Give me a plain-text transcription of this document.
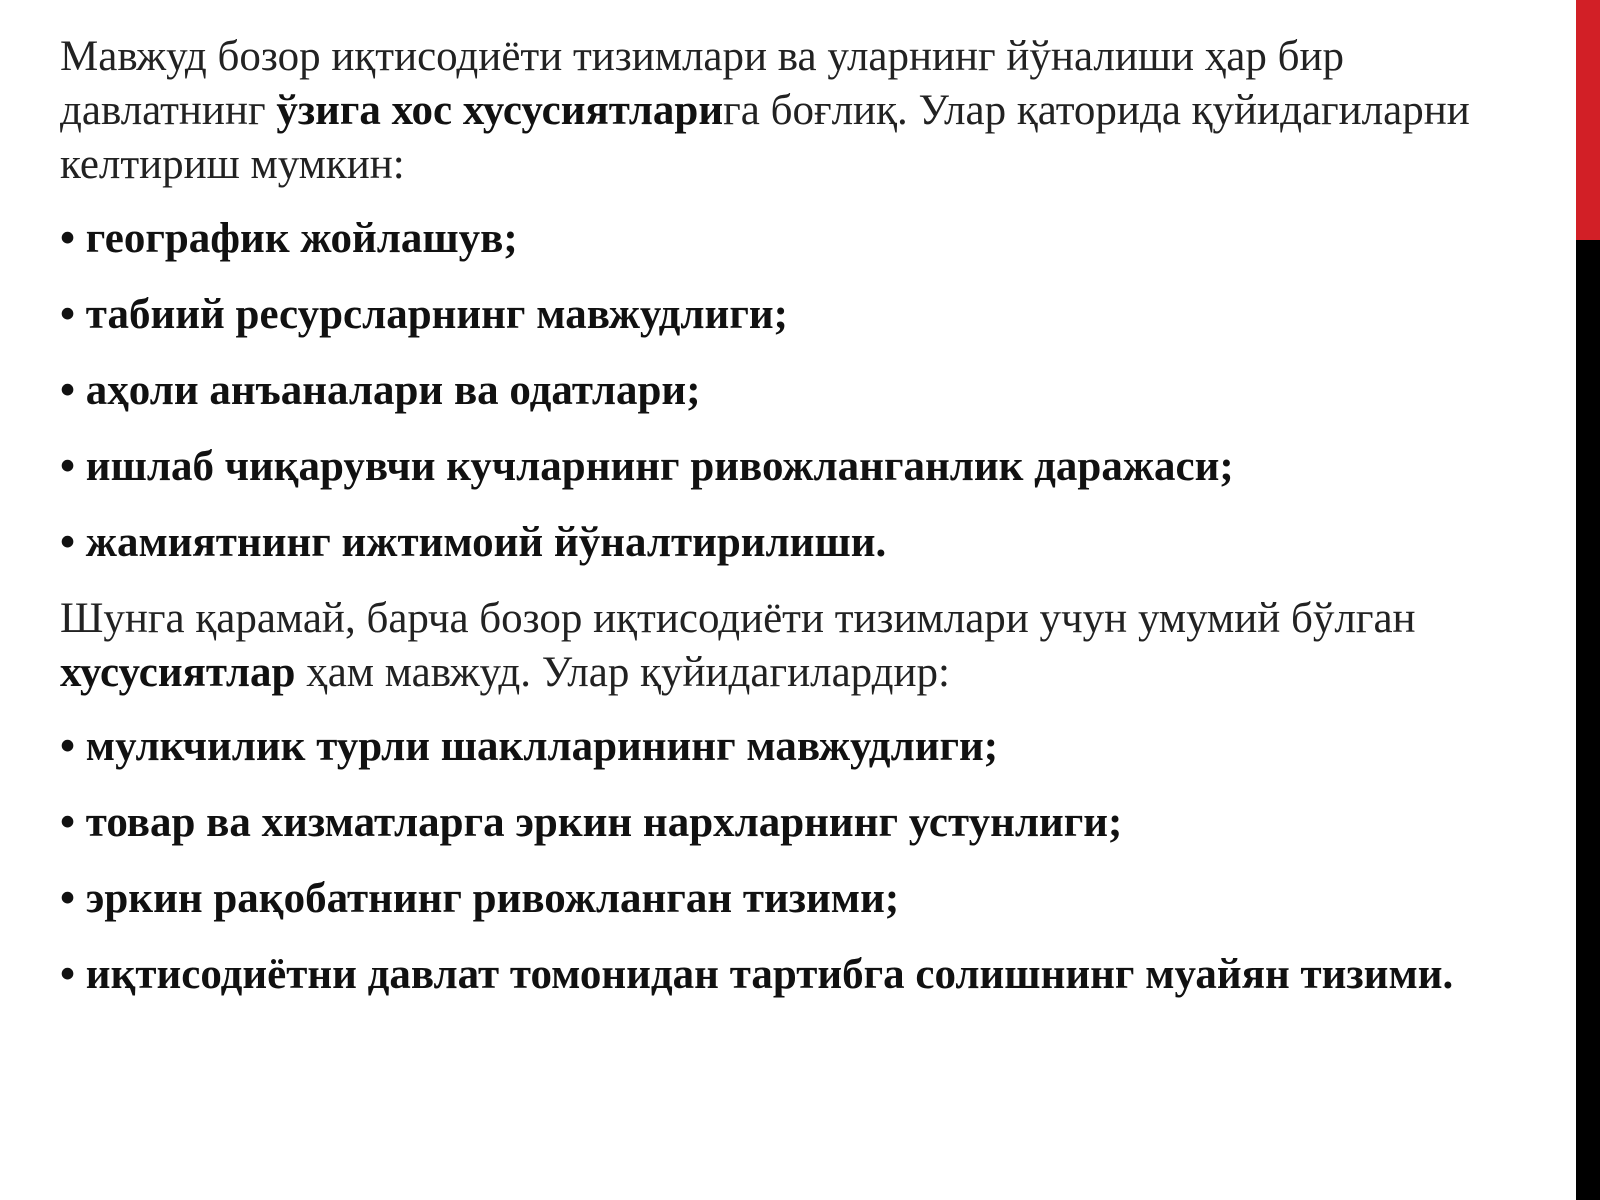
Мавжуд бозор иқтисодиёти тизимлари ва уларнинг йўналиши ҳар бир давлатнинг ўзига хос хусусиятларига боғлиқ. Улар қаторида қуйидагиларни келтириш мумкин:

• географик жойлашув;
• табиий ресурсларнинг мавжудлиги;
• аҳоли анъаналари ва одатлари;
• ишлаб чиқарувчи кучларнинг ривожланганлик даражаси;
• жамиятнинг ижтимоий йўналтирилиши.

Шунга қарамай, барча бозор иқтисодиёти тизимлари учун умумий бўлган хусусиятлар ҳам мавжуд. Улар қуйидагилардир:

• мулкчилик турли шаклларининг мавжудлиги;
• товар ва хизматларга эркин нархларнинг устунлиги;
• эркин рақобатнинг ривожланган тизими;
• иқтисодиётни давлат томонидан тартибга солишнинг муайян тизими.
